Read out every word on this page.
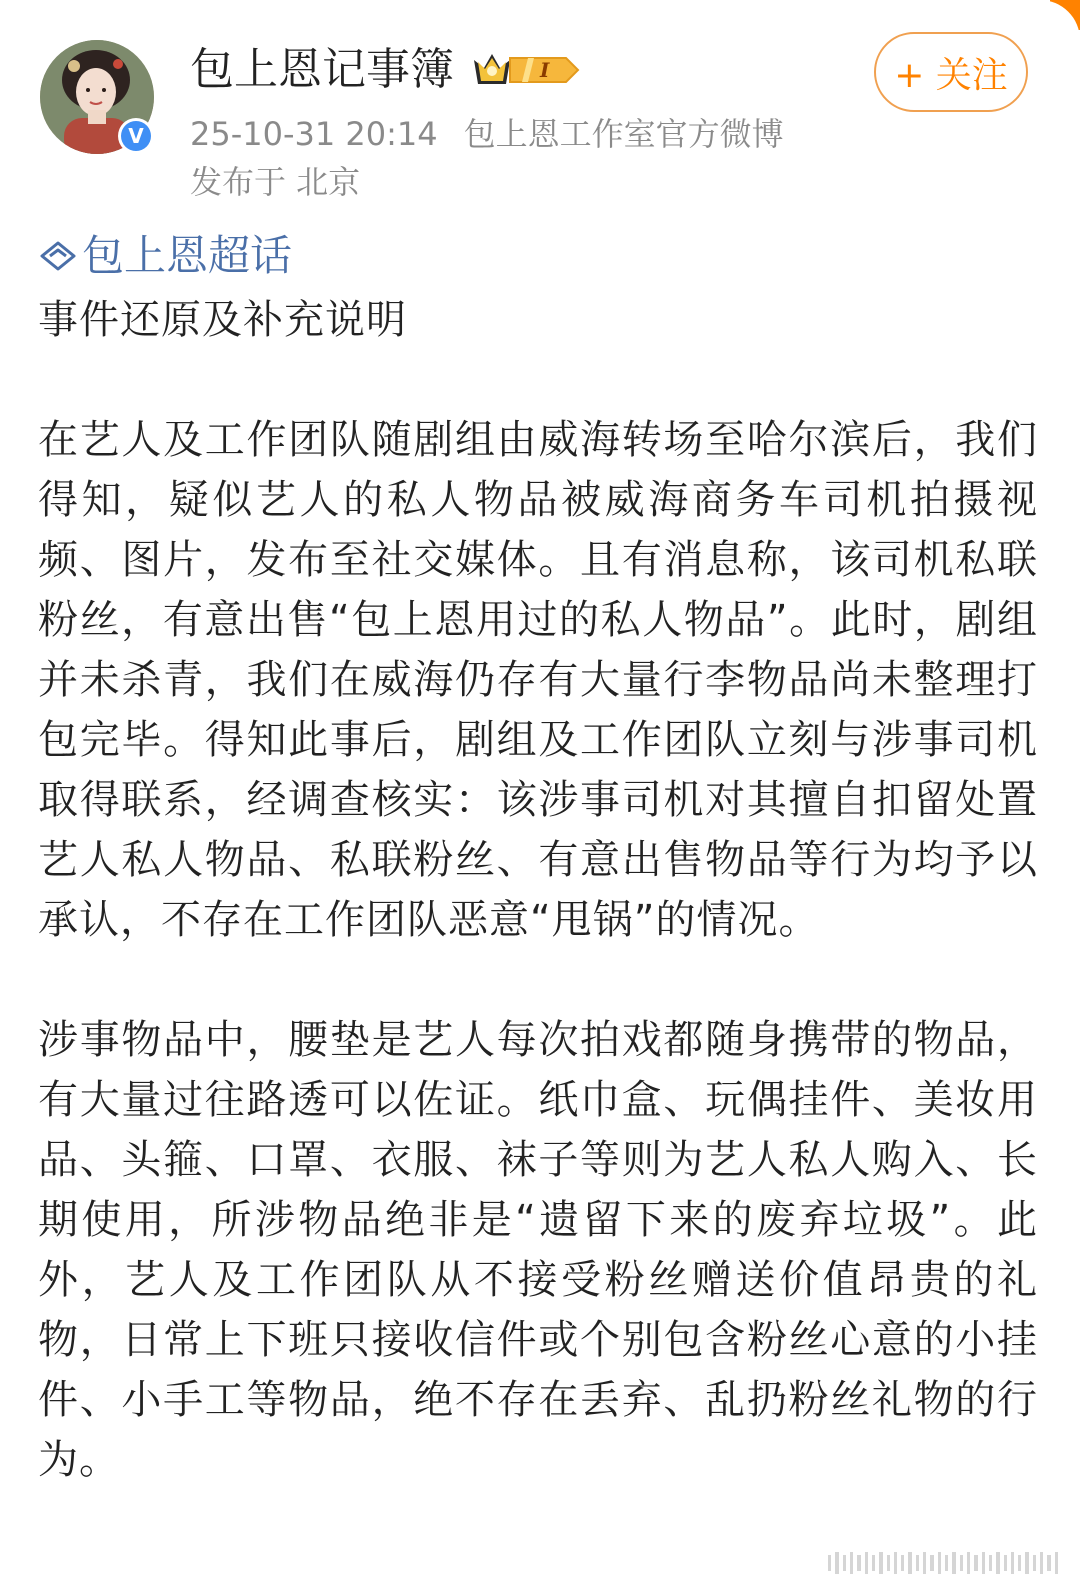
V
包上恩记事簿	I
25-10-31 20:14 包上恩工作室官方微博
发布于 北京
+ 关注
包上恩超话

事件还原及补充说明

在艺人及工作团队随剧组由威海转场至哈尔滨后，我们得知，疑似艺人的私人物品被威海商务车司机拍摄视频、图片，发布至社交媒体。且有消息称，该司机私联粉丝，有意出售“包上恩用过的私人物品”。此时，剧组并未杀青，我们在威海仍存有大量行李物品尚未整理打包完毕。得知此事后，剧组及工作团队立刻与涉事司机取得联系，经调查核实：该涉事司机对其擅自扣留处置艺人私人物品、私联粉丝、有意出售物品等行为均予以承认，不存在工作团队恶意“甩锅”的情况。

涉事物品中，腰垫是艺人每次拍戏都随身携带的物品，有大量过往路透可以佐证。纸巾盒、玩偶挂件、美妆用品、头箍、口罩、衣服、袜子等则为艺人私人购入、长期使用，所涉物品绝非是“遗留下来的废弃垃圾”。此外，艺人及工作团队从不接受粉丝赠送价值昂贵的礼物，日常上下班只接收信件或个别包含粉丝心意的小挂件、小手工等物品，绝不存在丢弃、乱扔粉丝礼物的行为。
